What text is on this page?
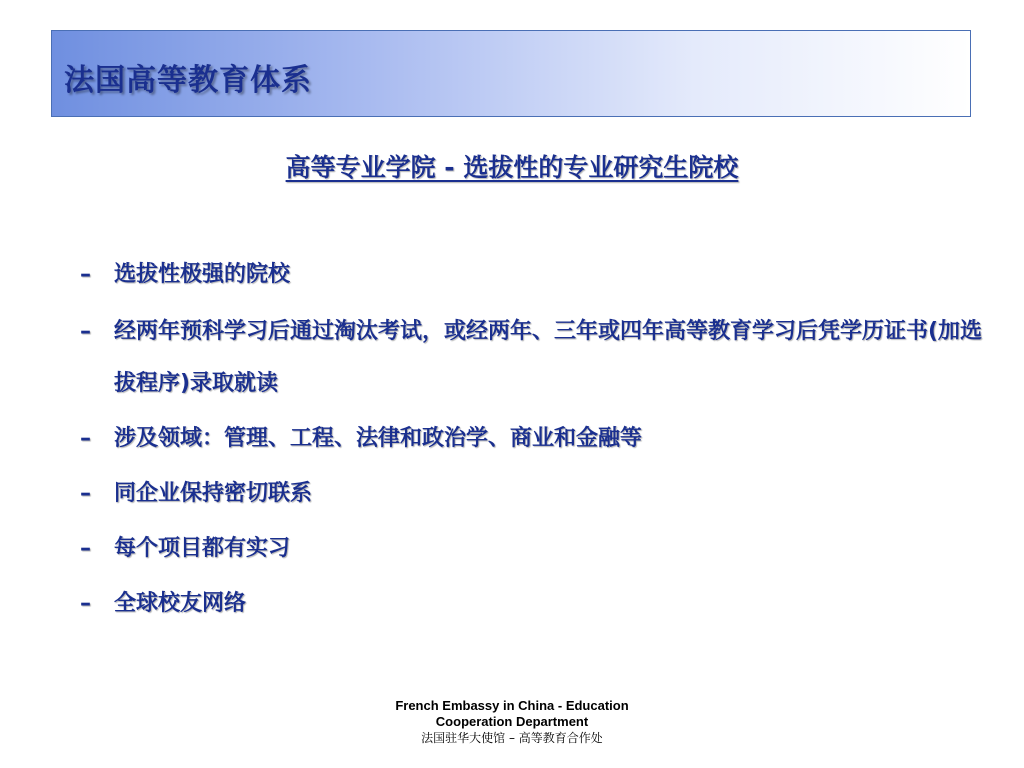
法国高等教育体系
高等专业学院 - 选拔性的专业研究生院校
–	选拔性极强的院校
–	经两年预科学习后通过淘汰考试，或经两年、三年或四年高等教育学习后凭学历证书(加选拔程序)录取就读
–	涉及领域：管理、工程、法律和政治学、商业和金融等
–	同企业保持密切联系
–	每个项目都有实习
–	全球校友网络
French Embassy in China - Education
Cooperation Department
法国驻华大使馆 – 高等教育合作处
